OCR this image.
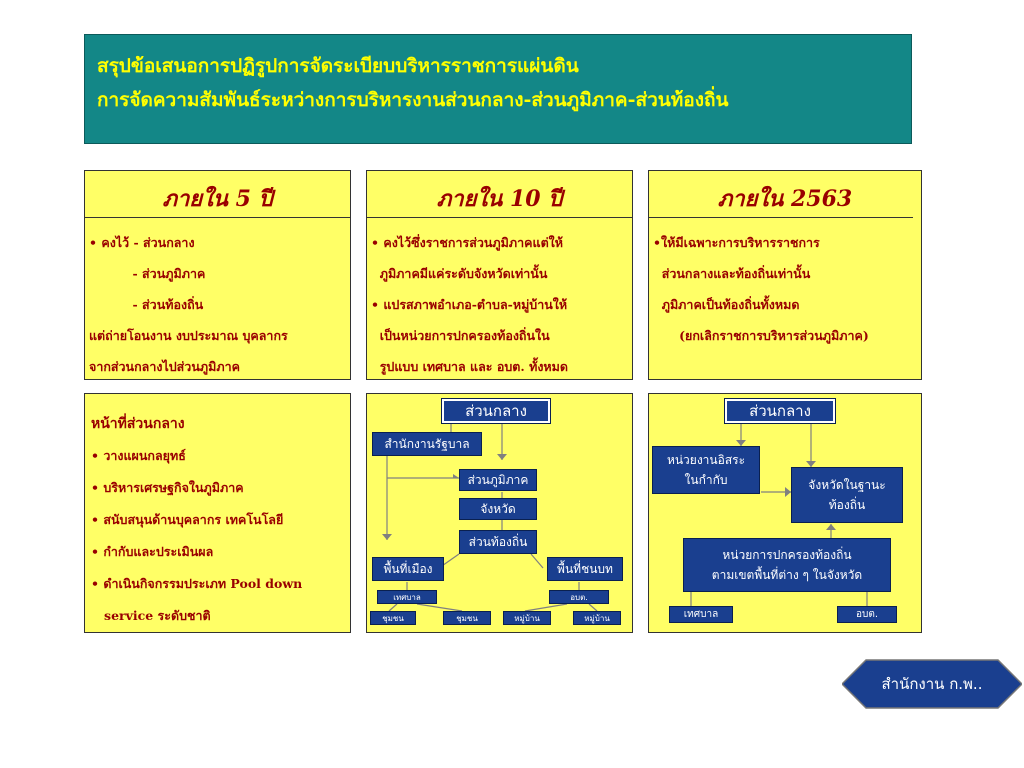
สรุปข้อเสนอการปฏิรูปการจัดระเบียบบริหารราชการแผ่นดิน
การจัดความสัมพันธ์ระหว่างการบริหารงานส่วนกลาง-ส่วนภูมิภาค-ส่วนท้องถิ่น
ภายใน 5 ปี
• คงไว้ - ส่วนกลาง
- ส่วนภูมิภาค
- ส่วนท้องถิ่น
แต่ถ่ายโอนงาน งบประมาณ บุคลากร
จากส่วนกลางไปส่วนภูมิภาค
ภายใน 10 ปี
• คงไว้ซึ่งราชการส่วนภูมิภาคแต่ให้
ภูมิภาคมีแค่ระดับจังหวัดเท่านั้น
• แปรสภาพอำเภอ-ตำบล-หมู่บ้านให้
เป็นหน่วยการปกครองท้องถิ่นใน
รูปแบบ เทศบาล และ อบต. ทั้งหมด
ภายใน 2563
•ให้มีเฉพาะการบริหารราชการ
ส่วนกลางและท้องถิ่นเท่านั้น
ภูมิภาคเป็นท้องถิ่นทั้งหมด
(ยกเลิกราชการบริหารส่วนภูมิภาค)
หน้าที่ส่วนกลาง
• วางแผนกลยุทธ์
• บริหารเศรษฐกิจในภูมิภาค
• สนับสนุนด้านบุคลากร เทคโนโลยี
• กำกับและประเมินผล
• ดำเนินกิจกรรมประเภท Pool down
service ระดับชาติ
ส่วนกลาง
สำนักงานรัฐบาล
ส่วนภูมิภาค
จังหวัด
ส่วนท้องถิ่น
พื้นที่เมือง	พื้นที่ชนบท
เทศบาล	อบต.
ชุมชน	ชุมชน	หมู่บ้าน	หมู่บ้าน
ส่วนกลาง
หน่วยงานอิสระ
ในกำกับ	จังหวัดในฐานะ
ท้องถิ่น
หน่วยการปกครองท้องถิ่น
ตามเขตพื้นที่ต่าง ๆ ในจังหวัด
เทศบาล	อบต.
สำนักงาน ก.พ..
